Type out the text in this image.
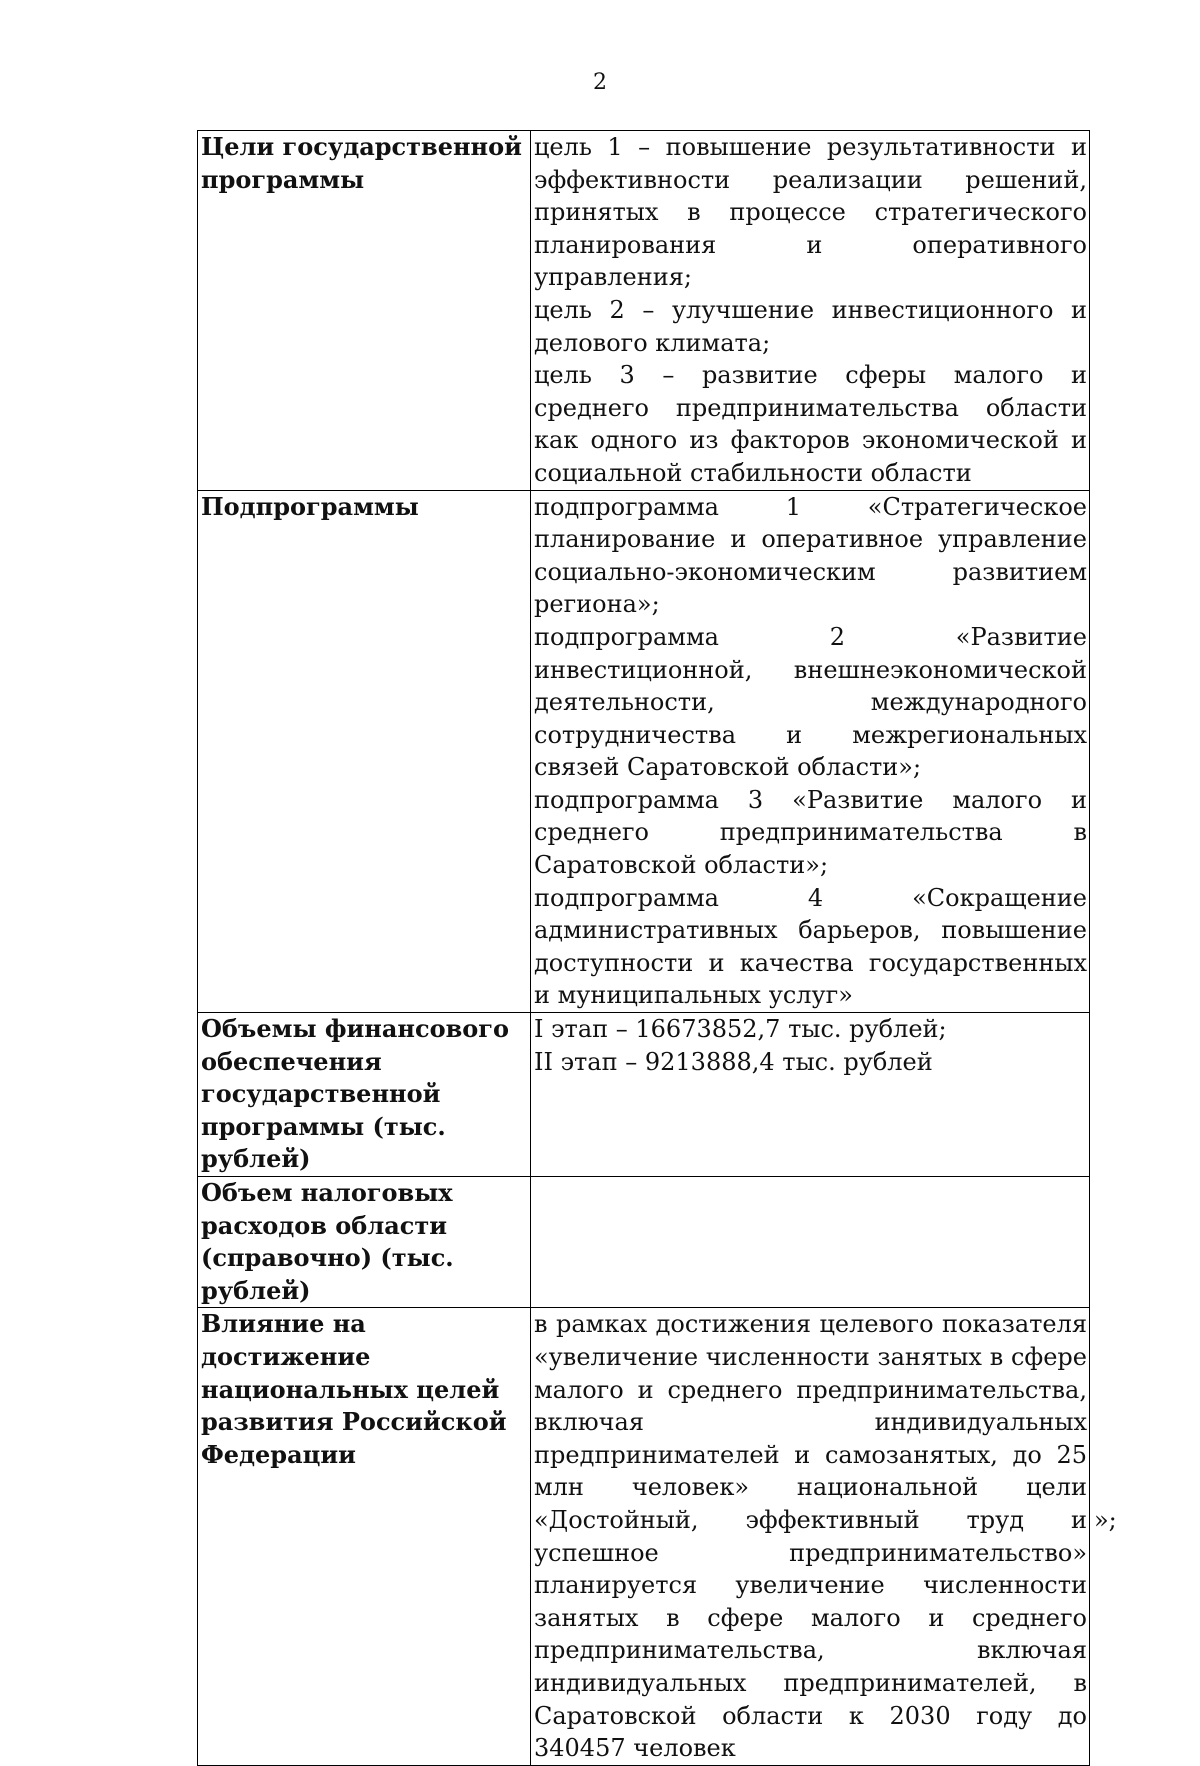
2
Цели государственной программы	цель 1 – повышение результативности и эффективности реализации решений, принятых в процессе стратегического планирования и оперативного управления;

цель 2 – улучшение инвестиционного и делового климата;

цель 3 – развитие сферы малого и среднего предпринимательства области как одного из факторов экономической и социальной стабильности области

Подпрограммы	подпрограмма 1 «Стратегическое планирование и оперативное управление социально-экономическим развитием региона»;

подпрограмма 2 «Развитие инвестиционной, внешнеэкономической деятельности, международного сотрудничества и межрегиональных связей Саратовской области»;

подпрограмма 3 «Развитие малого и среднего предпринимательства в Саратовской области»;

подпрограмма 4 «Сокращение административных барьеров, повышение доступности и качества государственных и муниципальных услуг»

Объемы финансового обеспечения государственной программы (тыс. рублей)	I этап – 16673852,7 тыс. рублей;

II этап – 9213888,4 тыс. рублей

Объем налоговых расходов области (справочно) (тыс. рублей)	
Влияние на достижение национальных целей развития Российской Федерации	в рамках достижения целевого показателя «увеличение численности занятых в сфере малого и среднего предпринимательства, включая индивидуальных предпринимателей и самозанятых, до 25 млн человек» национальной цели «Достойный, эффективный труд и успешное предпринимательство» планируется увеличение численности занятых в сфере малого и среднего предпринимательства, включая индивидуальных предпринимателей, в Саратовской области к 2030 году до 340457 человек

»;
